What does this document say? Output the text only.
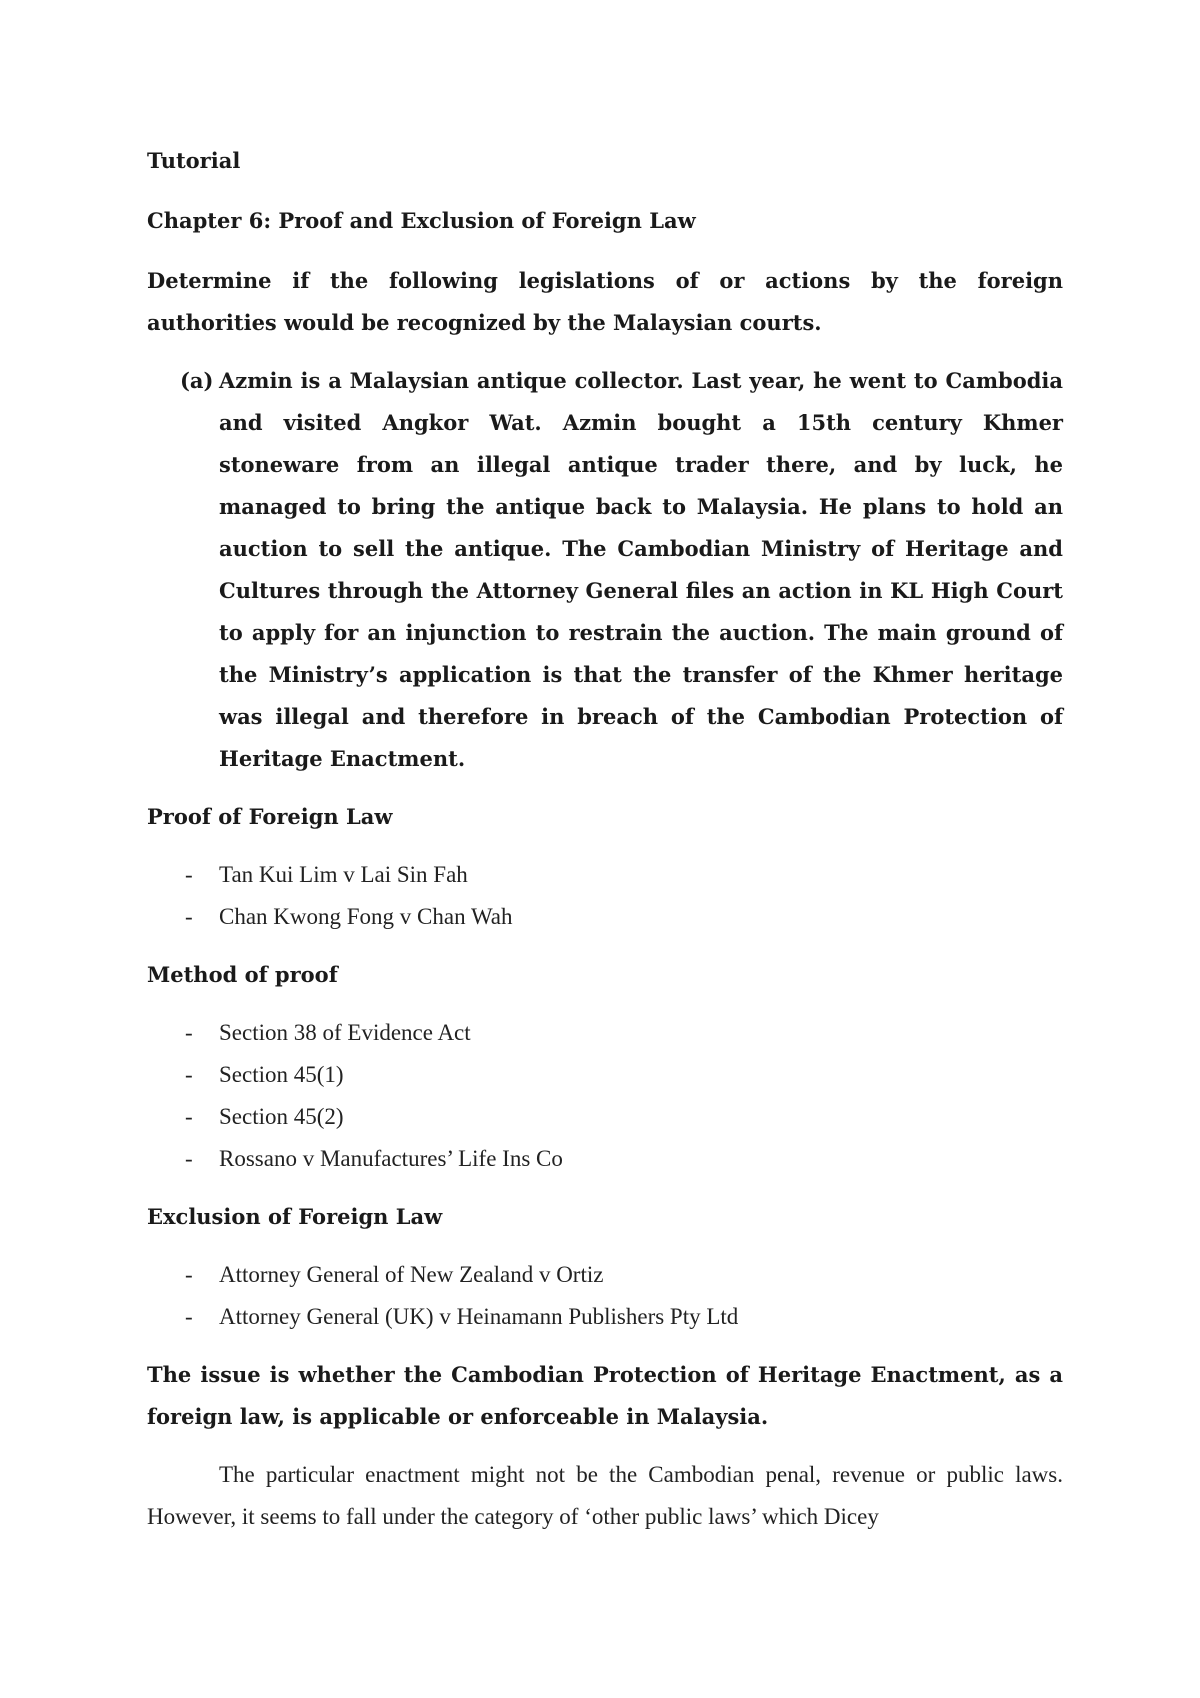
Tutorial
Chapter 6: Proof and Exclusion of Foreign Law
Determine if the following legislations of or actions by the foreign authorities would be recognized by the Malaysian courts.
(a) Azmin is a Malaysian antique collector. Last year, he went to Cambodia and visited Angkor Wat. Azmin bought a 15th century Khmer stoneware from an illegal antique trader there, and by luck, he managed to bring the antique back to Malaysia. He plans to hold an auction to sell the antique. The Cambodian Ministry of Heritage and Cultures through the Attorney General files an action in KL High Court to apply for an injunction to restrain the auction. The main ground of the Ministry’s application is that the transfer of the Khmer heritage was illegal and therefore in breach of the Cambodian Protection of Heritage Enactment.
Proof of Foreign Law
- Tan Kui Lim v Lai Sin Fah
- Chan Kwong Fong v Chan Wah
Method of proof
- Section 38 of Evidence Act
- Section 45(1)
- Section 45(2)
- Rossano v Manufactures’ Life Ins Co
Exclusion of Foreign Law
- Attorney General of New Zealand v Ortiz
- Attorney General (UK) v Heinamann Publishers Pty Ltd
The issue is whether the Cambodian Protection of Heritage Enactment, as a foreign law, is applicable or enforceable in Malaysia.
The particular enactment might not be the Cambodian penal, revenue or public laws. However, it seems to fall under the category of ‘other public laws’ which Dicey
